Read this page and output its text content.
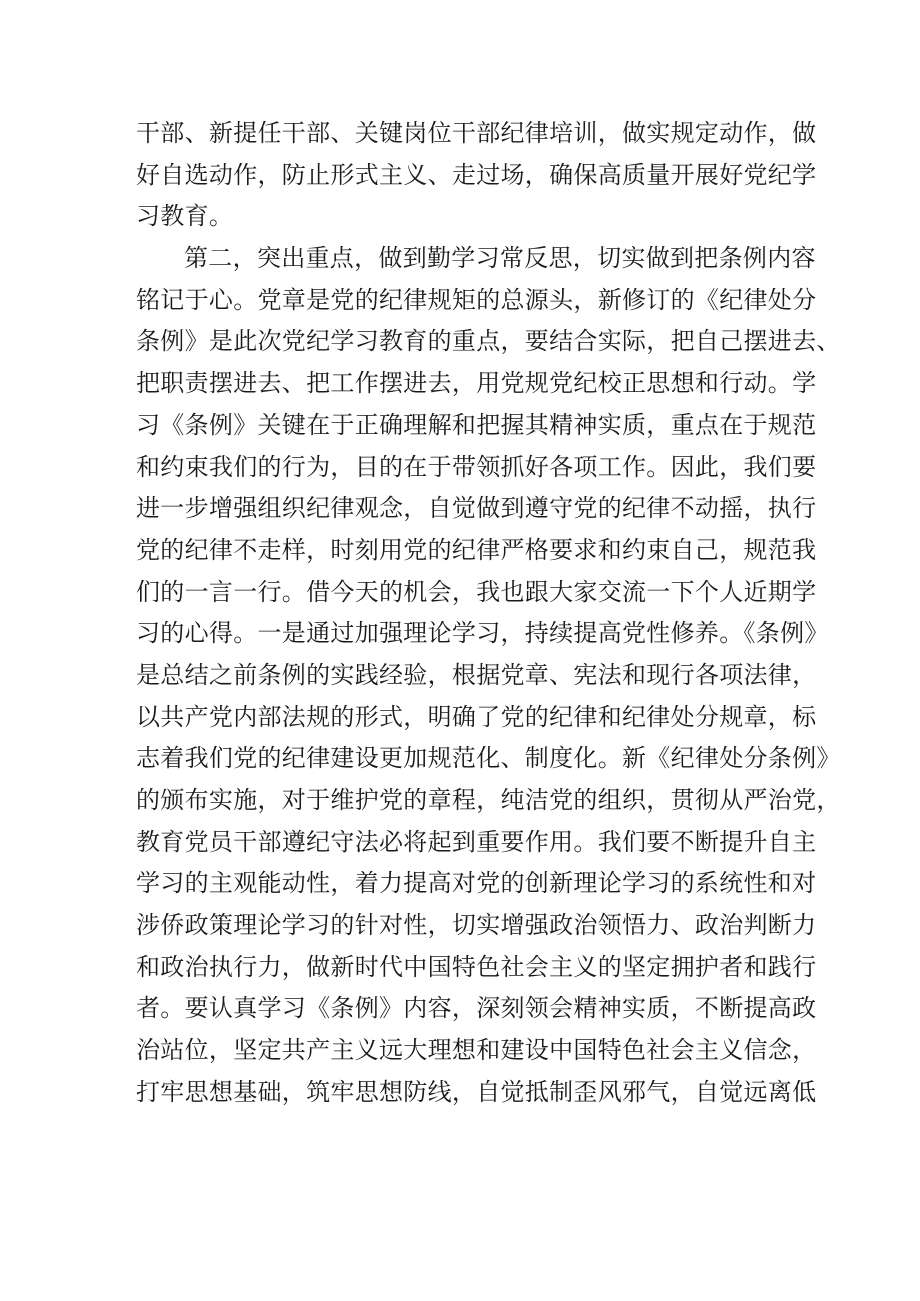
干部、新提任干部、关键岗位干部纪律培训，做实规定动作，做
好自选动作，防止形式主义、走过场，确保高质量开展好党纪学
习教育。
第二，突出重点，做到勤学习常反思，切实做到把条例内容
铭记于心。党章是党的纪律规矩的总源头，新修订的《纪律处分
条例》是此次党纪学习教育的重点，要结合实际，把自己摆进去、
把职责摆进去、把工作摆进去，用党规党纪校正思想和行动。学
习《条例》关键在于正确理解和把握其精神实质，重点在于规范
和约束我们的行为，目的在于带领抓好各项工作。因此，我们要
进一步增强组织纪律观念，自觉做到遵守党的纪律不动摇，执行
党的纪律不走样，时刻用党的纪律严格要求和约束自己，规范我
们的一言一行。借今天的机会，我也跟大家交流一下个人近期学
习的心得。一是通过加强理论学习，持续提高党性修养。《条例》
是总结之前条例的实践经验，根据党章、宪法和现行各项法律，
以共产党内部法规的形式，明确了党的纪律和纪律处分规章，标
志着我们党的纪律建设更加规范化、制度化。新《纪律处分条例》
的颁布实施，对于维护党的章程，纯洁党的组织，贯彻从严治党，
教育党员干部遵纪守法必将起到重要作用。我们要不断提升自主
学习的主观能动性，着力提高对党的创新理论学习的系统性和对
涉侨政策理论学习的针对性，切实增强政治领悟力、政治判断力
和政治执行力，做新时代中国特色社会主义的坚定拥护者和践行
者。要认真学习《条例》内容，深刻领会精神实质，不断提高政
治站位，坚定共产主义远大理想和建设中国特色社会主义信念，
打牢思想基础，筑牢思想防线，自觉抵制歪风邪气，自觉远离低
